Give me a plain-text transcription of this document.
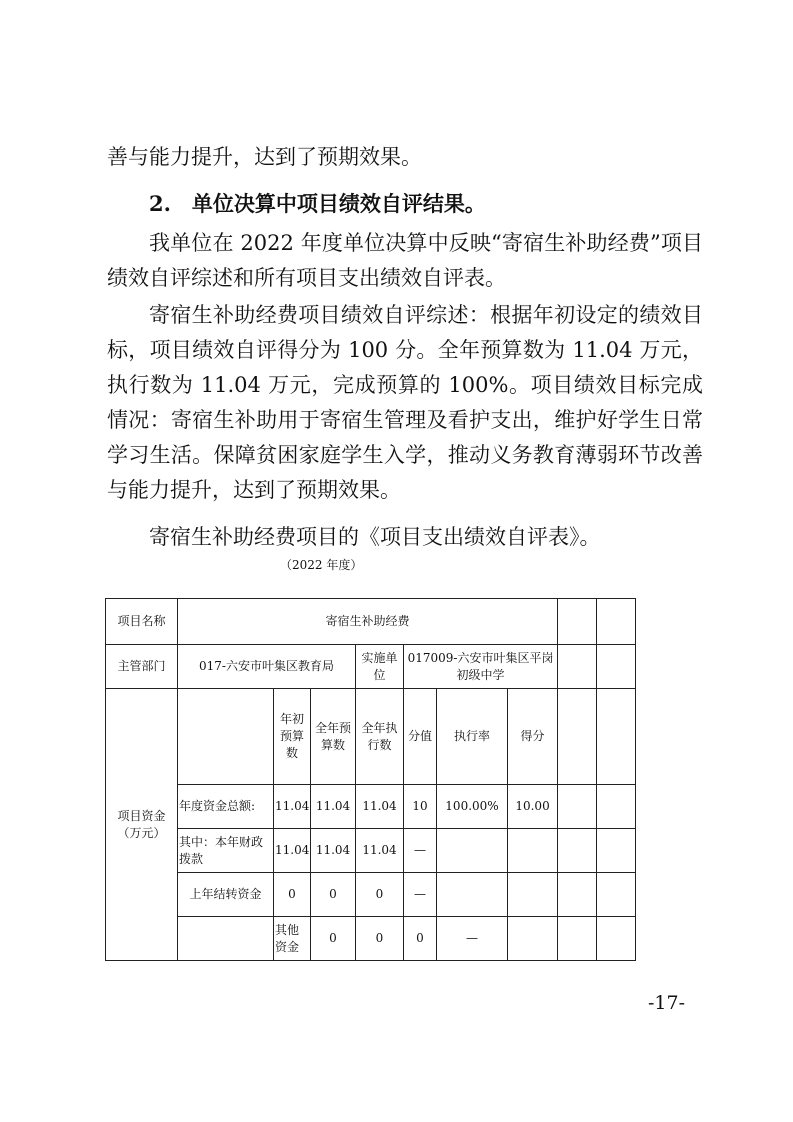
善与能力提升，达到了预期效果。

2.　单位决算中项目绩效自评结果。

我单位在 2022 年度单位决算中反映“寄宿生补助经费”项目绩效自评综述和所有项目支出绩效自评表。

寄宿生补助经费项目绩效自评综述：根据年初设定的绩效目标，项目绩效自评得分为 100 分。全年预算数为 11.04 万元，执行数为 11.04 万元，完成预算的 100%。项目绩效目标完成情况：寄宿生补助用于寄宿生管理及看护支出，维护好学生日常学习生活。保障贫困家庭学生入学，推动义务教育薄弱环节改善与能力提升，达到了预期效果。

寄宿生补助经费项目的《项目支出绩效自评表》。

（2022 年度）
项目名称	寄宿生补助经费								
主管部门	017-六安市叶集区教育局			实施单位	017009-六安市叶集区平岗初级中学				
项目资金（万元）		年初预算数	全年预算数	全年执行数	分值	执行率	得分		
	年度资金总额:	11.04	11.04	11.04	10	100.00%	10.00		
	其中：本年财政拨款	11.04	11.04	11.04	—				
	上年结转资金	0	0	0	—				
		其他资金	0	0	0	—			
-17-
